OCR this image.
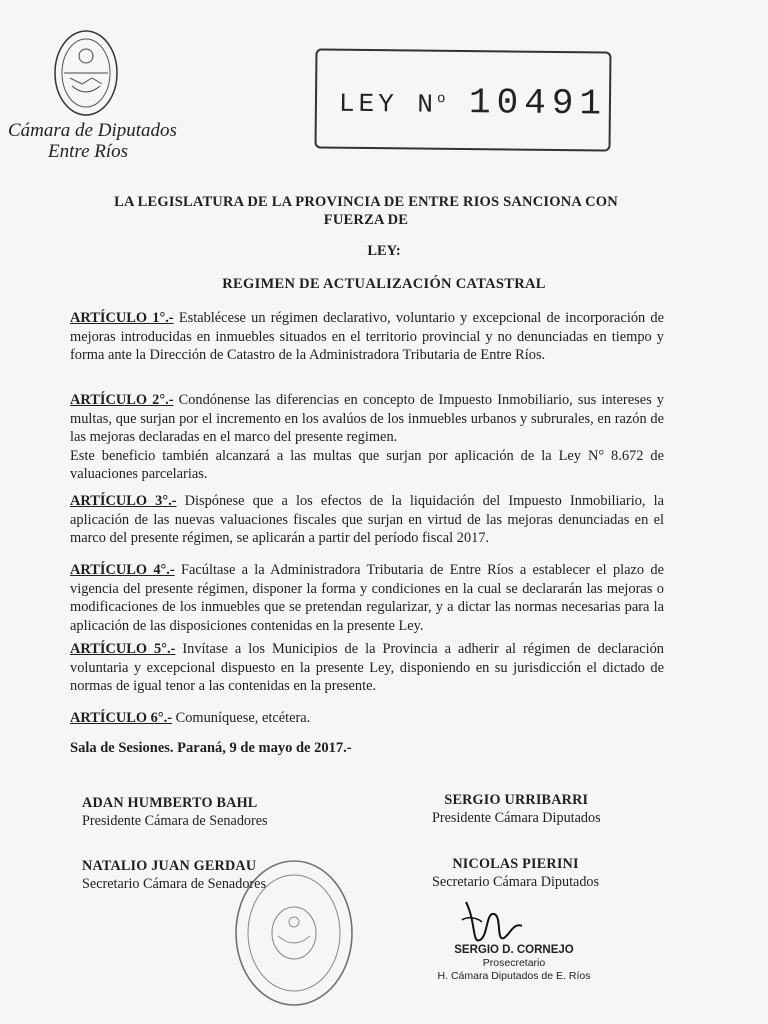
Cámara de Diputados
Entre Ríos
LEY $N^o$ 10491
LA LEGISLATURA DE LA PROVINCIA DE ENTRE RIOS SANCIONA CON FUERZA DE
LEY:
REGIMEN DE ACTUALIZACIÓN CATASTRAL
ARTÍCULO 1°.- Establécese un régimen declarativo, voluntario y excepcional de incorporación de mejoras introducidas en inmuebles situados en el territorio provincial y no denunciadas en tiempo y forma ante la Dirección de Catastro de la Administradora Tributaria de Entre Ríos.
ARTÍCULO 2°.- Condónense las diferencias en concepto de Impuesto Inmobiliario, sus intereses y multas, que surjan por el incremento en los avalúos de los inmuebles urbanos y subrurales, en razón de las mejoras declaradas en el marco del presente regimen.
Este beneficio también alcanzará a las multas que surjan por aplicación de la Ley N° 8.672 de valuaciones parcelarias.
ARTÍCULO 3°.- Dispónese que a los efectos de la liquidación del Impuesto Inmobiliario, la aplicación de las nuevas valuaciones fiscales que surjan en virtud de las mejoras denunciadas en el marco del presente régimen, se aplicarán a partir del período fiscal 2017.
ARTÍCULO 4°.- Facúltase a la Administradora Tributaria de Entre Ríos a establecer el plazo de vigencia del presente régimen, disponer la forma y condiciones en la cual se declararán las mejoras o modificaciones de los inmuebles que se pretendan regularizar, y a dictar las normas necesarias para la aplicación de las disposiciones contenidas en la presente Ley.
ARTÍCULO 5°.- Invítase a los Municipios de la Provincia a adherir al régimen de declaración voluntaria y excepcional dispuesto en la presente Ley, disponiendo en su jurisdicción el dictado de normas de igual tenor a las contenidas en la presente.
ARTÍCULO 6°.- Comuníquese, etcétera.
Sala de Sesiones. Paraná, 9 de mayo de 2017.-
ADAN HUMBERTO BAHL
Presidente Cámara de Senadores
SERGIO URRIBARRI
Presidente Cámara Diputados
NATALIO JUAN GERDAU
Secretario Cámara de Senadores
NICOLAS PIERINI
Secretario Cámara Diputados
SERGIO D. CORNEJO
Prosecretario
H. Cámara Diputados de E. Ríos
